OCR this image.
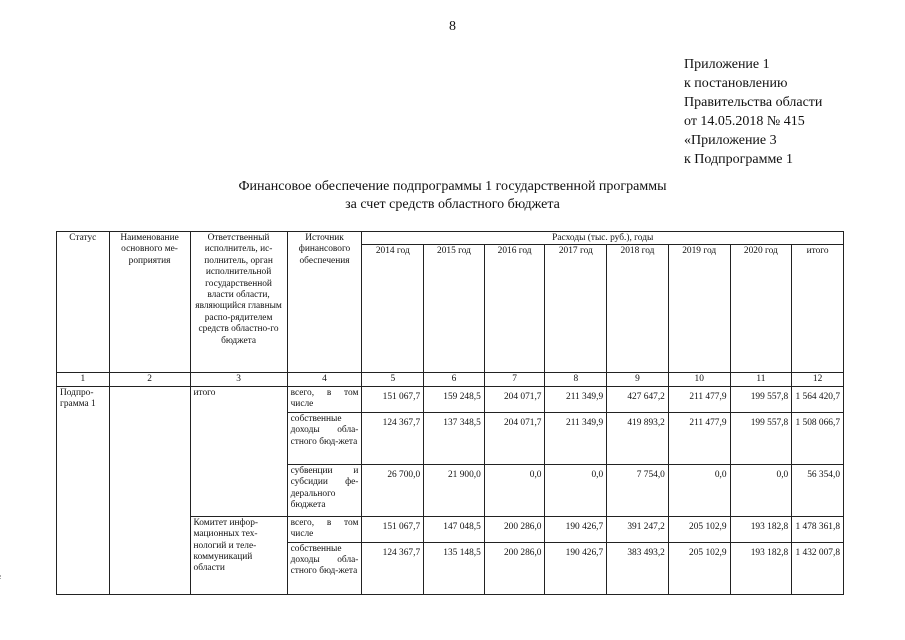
8
Приложение 1
к постановлению
Правительства области
от 14.05.2018 № 415
«Приложение 3
к Подпрограмме 1
Финансовое обеспечение подпрограммы 1 государственной программы
за счет средств областного бюджета
Статус	Наименование основного ме-роприятия	Ответственный исполнитель, ис-полнитель, орган исполнительной государственной власти области, являющийся главным распо-рядителем средств областно-го бюджета	Источник финансового обеспечения	Расходы (тыс. руб.), годы							
				2014 год	2015 год	2016 год	2017 год	2018 год	2019 год	2020 год	итого
1	2	3	4	5	6	7	8	9	10	11	12
Подпро-грамма 1		итого	всего, в том числе	151 067,7	159 248,5	204 071,7	211 349,9	427 647,2	211 477,9	199 557,8	1 564 420,7
			собственные доходы обла-стного бюд-жета	124 367,7	137 348,5	204 071,7	211 349,9	419 893,2	211 477,9	199 557,8	1 508 066,7
			субвенции и субсидии фе-дерального бюджета	26 700,0	21 900,0	0,0	0,0	7 754,0	0,0	0,0	56 354,0
		Комитет инфор-мационных тех-нологий и теле-коммуникаций области	всего, в том числе	151 067,7	147 048,5	200 286,0	190 426,7	391 247,2	205 102,9	193 182,8	1 478 361,8
			собственные доходы обла-стного бюд-жета	124 367,7	135 148,5	200 286,0	190 426,7	383 493,2	205 102,9	193 182,8	1 432 007,8
